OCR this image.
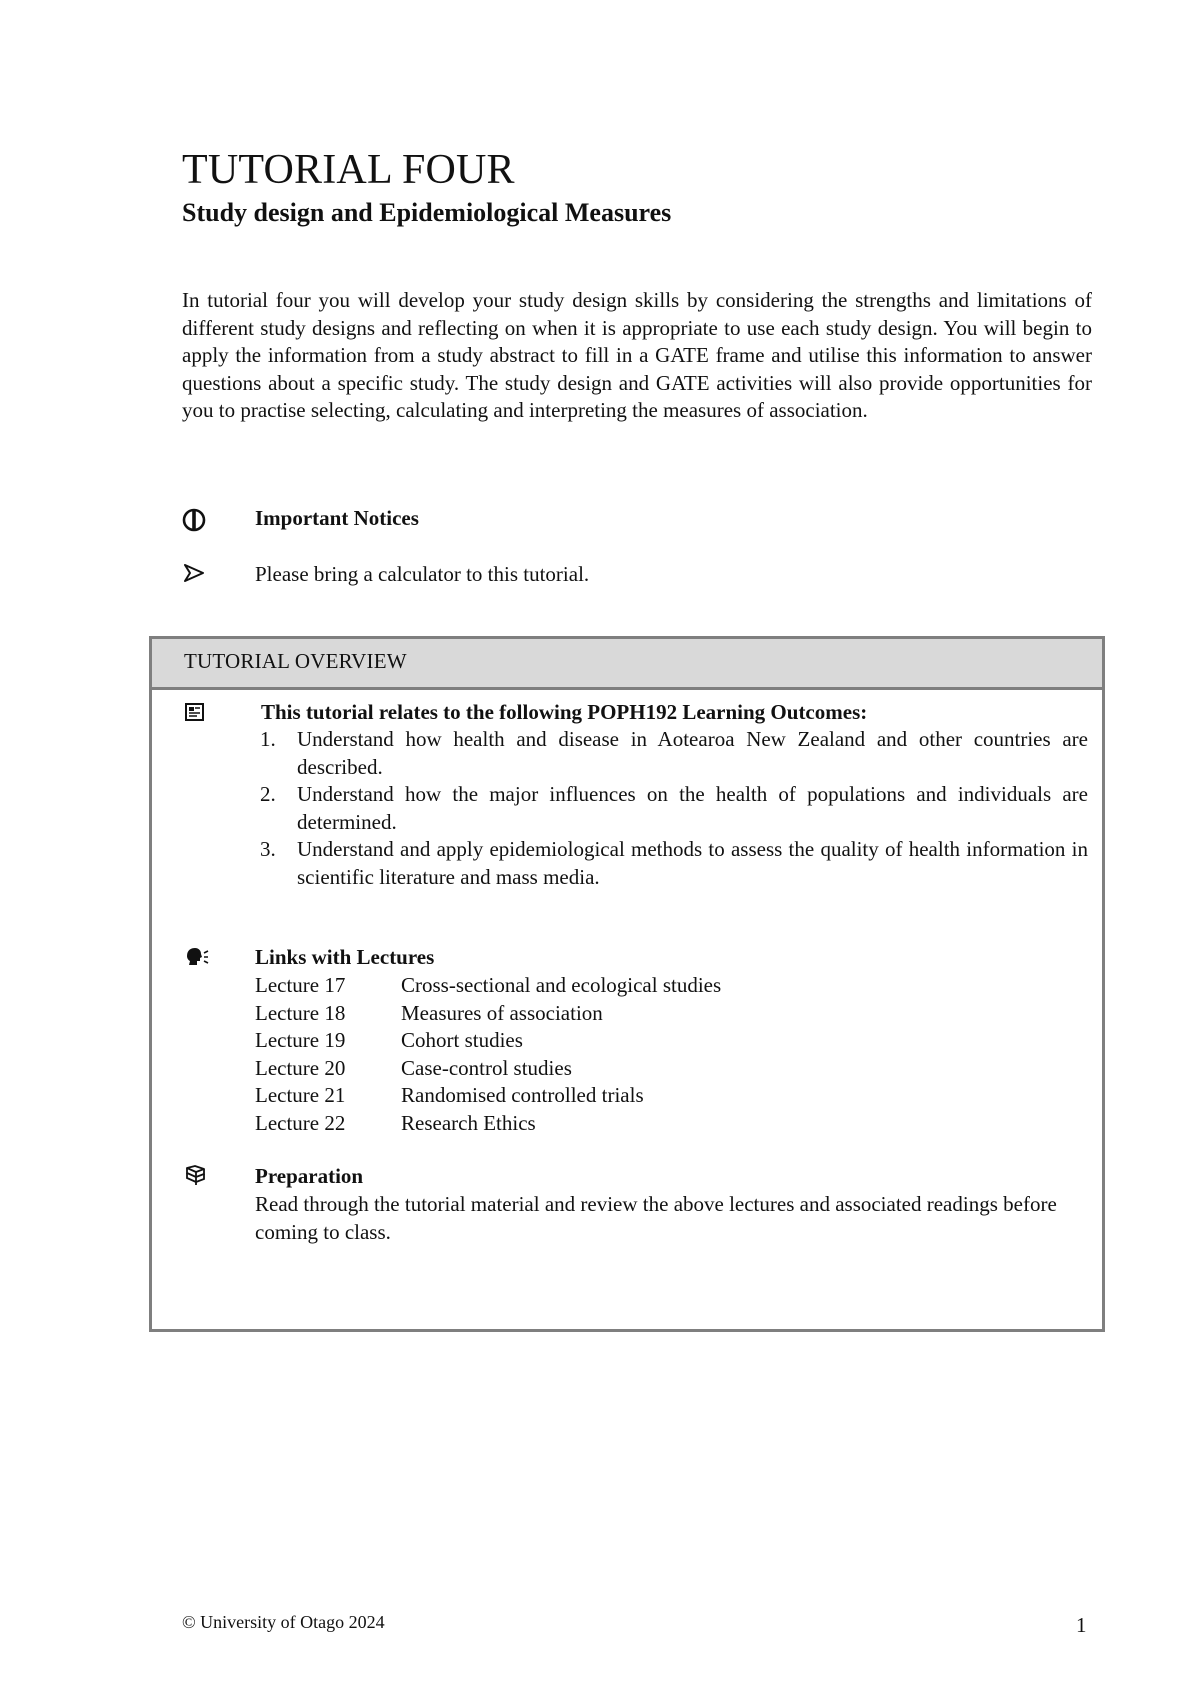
TUTORIAL FOUR
Study design and Epidemiological Measures

In tutorial four you will develop your study design skills by considering the strengths and limitations of different study designs and reflecting on when it is appropriate to use each study design. You will begin to apply the information from a study abstract to fill in a GATE frame and utilise this information to answer questions about a specific study. The study design and GATE activities will also provide opportunities for you to practise selecting, calculating and interpreting the measures of association.

Important Notices
Please bring a calculator to this tutorial.
TUTORIAL OVERVIEW
This tutorial relates to the following POPH192 Learning Outcomes:
1. Understand how health and disease in Aotearoa New Zealand and other countries are described.
2. Understand how the major influences on the health of populations and individuals are determined.
3. Understand and apply epidemiological methods to assess the quality of health information in scientific literature and mass media.
Links with Lectures
Lecture 17	Cross-sectional and ecological studies
Lecture 18	Measures of association
Lecture 19	Cohort studies
Lecture 20	Case-control studies
Lecture 21	Randomised controlled trials
Lecture 22	Research Ethics
Preparation

Read through the tutorial material and review the above lectures and associated readings before coming to class.

© University of Otago 2024	1
